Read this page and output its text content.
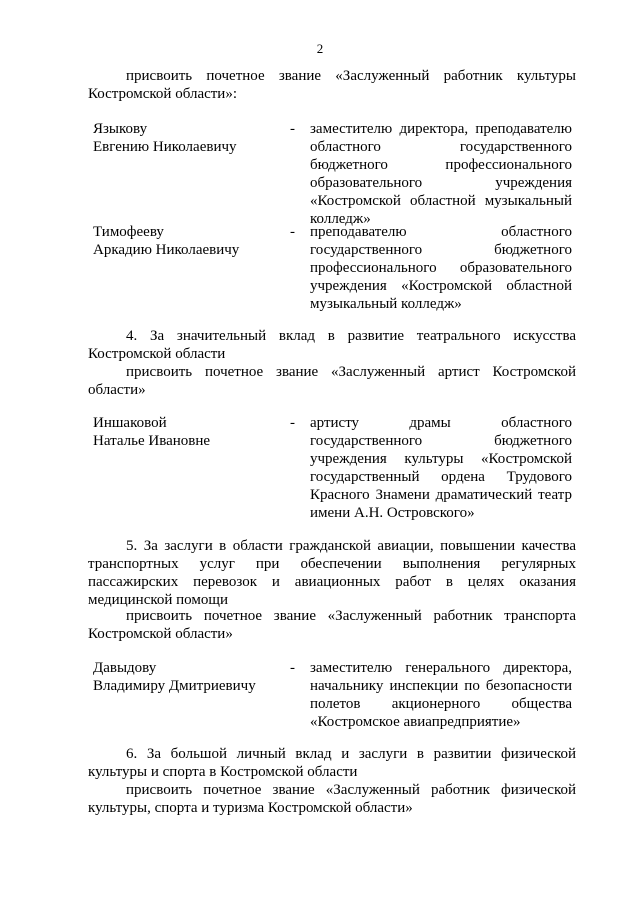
2
присвоить почетное звание «Заслуженный работник культуры Костромской области»:
Языкову
Евгению Николаевичу
- заместителю директора, преподавателю областного государственного бюджетного профессионального образовательного учреждения «Костромской областной музыкальный колледж»
Тимофееву
Аркадию Николаевичу
- преподавателю областного государственного бюджетного профессионального образовательного учреждения «Костромской областной музыкальный колледж»
4. За значительный вклад в развитие театрального искусства Костромской области
присвоить почетное звание «Заслуженный артист Костромской области»
Иншаковой
Наталье Ивановне
- артисту драмы областного государственного бюджетного учреждения культуры «Костромской государственный ордена Трудового Красного Знамени драматический театр имени А.Н. Островского»
5. За заслуги в области гражданской авиации, повышении качества транспортных услуг при обеспечении выполнения регулярных пассажирских перевозок и авиационных работ в целях оказания медицинской помощи
присвоить почетное звание «Заслуженный работник транспорта Костромской области»
Давыдову
Владимиру Дмитриевичу
- заместителю генерального директора, начальнику инспекции по безопасности полетов акционерного общества «Костромское авиапредприятие»
6. За большой личный вклад и заслуги в развитии физической культуры и спорта в Костромской области
присвоить почетное звание «Заслуженный работник физической культуры, спорта и туризма Костромской области»
